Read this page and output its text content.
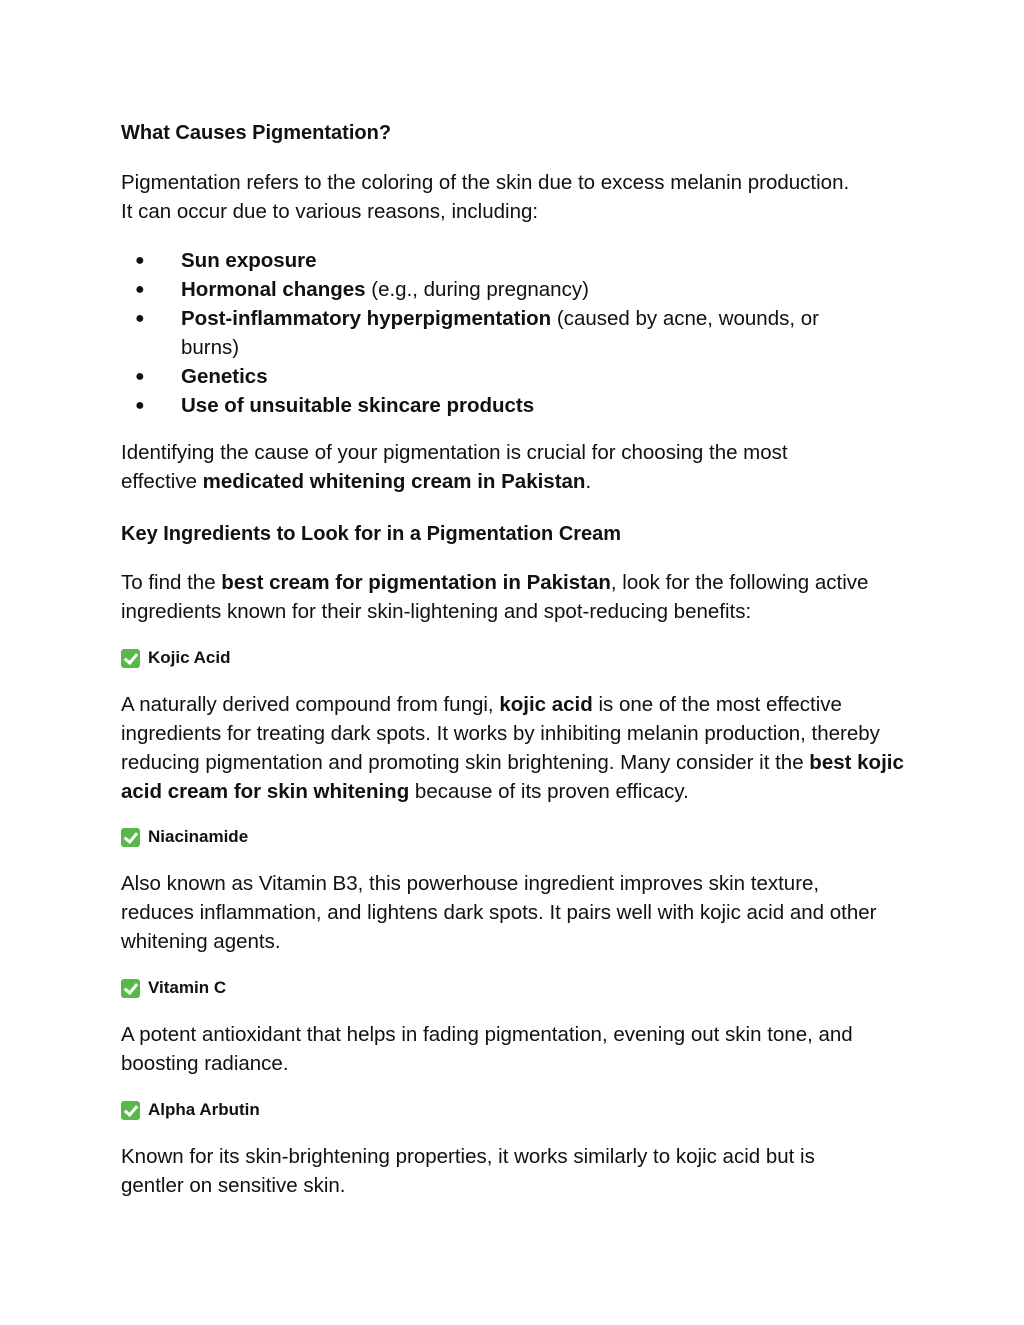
What Causes Pigmentation?
Pigmentation refers to the coloring of the skin due to excess melanin production.
It can occur due to various reasons, including:
● Sun exposure
● Hormonal changes (e.g., during pregnancy)
● Post-inflammatory hyperpigmentation (caused by acne, wounds, or burns)
● Genetics
● Use of unsuitable skincare products
Identifying the cause of your pigmentation is crucial for choosing the most effective medicated whitening cream in Pakistan.
Key Ingredients to Look for in a Pigmentation Cream
To find the best cream for pigmentation in Pakistan, look for the following active ingredients known for their skin-lightening and spot-reducing benefits:
Kojic Acid
A naturally derived compound from fungi, kojic acid is one of the most effective ingredients for treating dark spots. It works by inhibiting melanin production, thereby reducing pigmentation and promoting skin brightening. Many consider it the best kojic acid cream for skin whitening because of its proven efficacy.
Niacinamide
Also known as Vitamin B3, this powerhouse ingredient improves skin texture, reduces inflammation, and lightens dark spots. It pairs well with kojic acid and other whitening agents.
Vitamin C
A potent antioxidant that helps in fading pigmentation, evening out skin tone, and boosting radiance.
Alpha Arbutin
Known for its skin-brightening properties, it works similarly to kojic acid but is gentler on sensitive skin.
